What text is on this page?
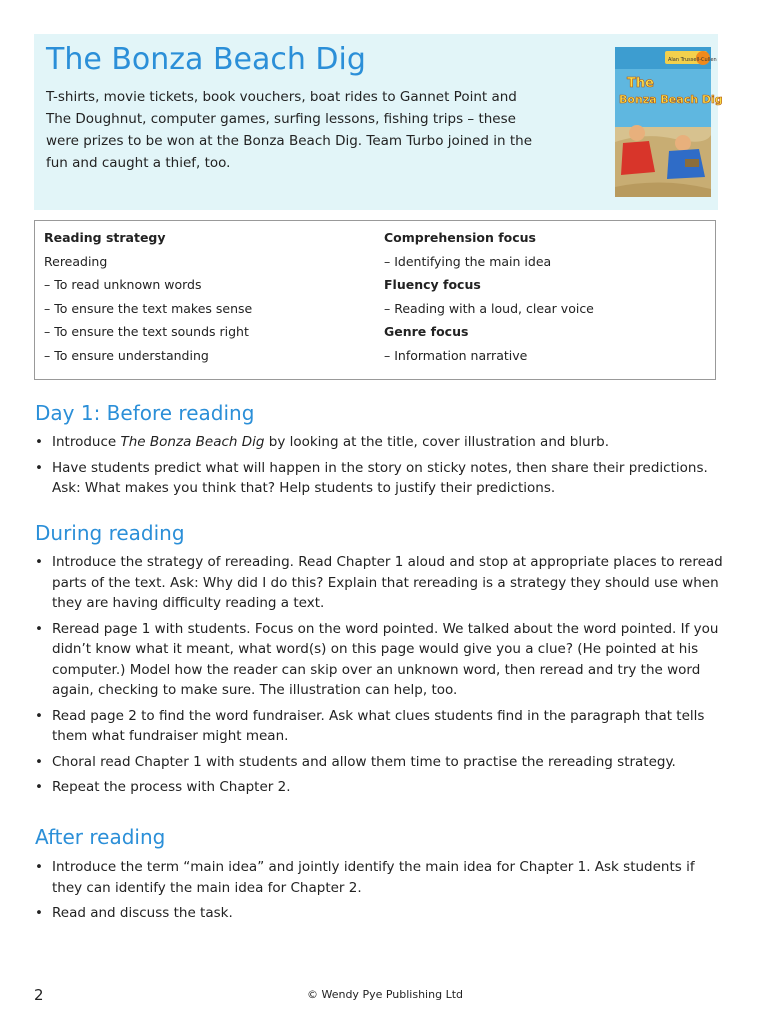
The Bonza Beach Dig

T-shirts, movie tickets, book vouchers, boat rides to Gannet Point and The Doughnut, computer games, surfing lessons, fishing trips – these were prizes to be won at the Bonza Beach Dig. Team Turbo joined in the fun and caught a thief, too.

Alan Trussell-Cullen
The
Bonza Beach Dig
Reading strategy
Rereading
– To read unknown words
– To ensure the text makes sense
– To ensure the text sounds right
– To ensure understanding
Comprehension focus
– Identifying the main idea
Fluency focus
– Reading with a loud, clear voice
Genre focus
– Information narrative
Day 1: Before reading
• Introduce The Bonza Beach Dig by looking at the title, cover illustration and blurb.
• Have students predict what will happen in the story on sticky notes, then share their predictions. Ask: What makes you think that? Help students to justify their predictions.
During reading
• Introduce the strategy of rereading. Read Chapter 1 aloud and stop at appropriate places to reread parts of the text. Ask: Why did I do this? Explain that rereading is a strategy they should use when they are having difficulty reading a text.
• Reread page 1 with students. Focus on the word pointed. We talked about the word pointed. If you didn’t know what it meant, what word(s) on this page would give you a clue? (He pointed at his computer.) Model how the reader can skip over an unknown word, then reread and try the word again, checking to make sure. The illustration can help, too.
• Read page 2 to find the word fundraiser. Ask what clues students find in the paragraph that tells them what fundraiser might mean.
• Choral read Chapter 1 with students and allow them time to practise the rereading strategy.
• Repeat the process with Chapter 2.
After reading
• Introduce the term “main idea” and jointly identify the main idea for Chapter 1. Ask students if they can identify the main idea for Chapter 2.
• Read and discuss the task.
2	© Wendy Pye Publishing Ltd
